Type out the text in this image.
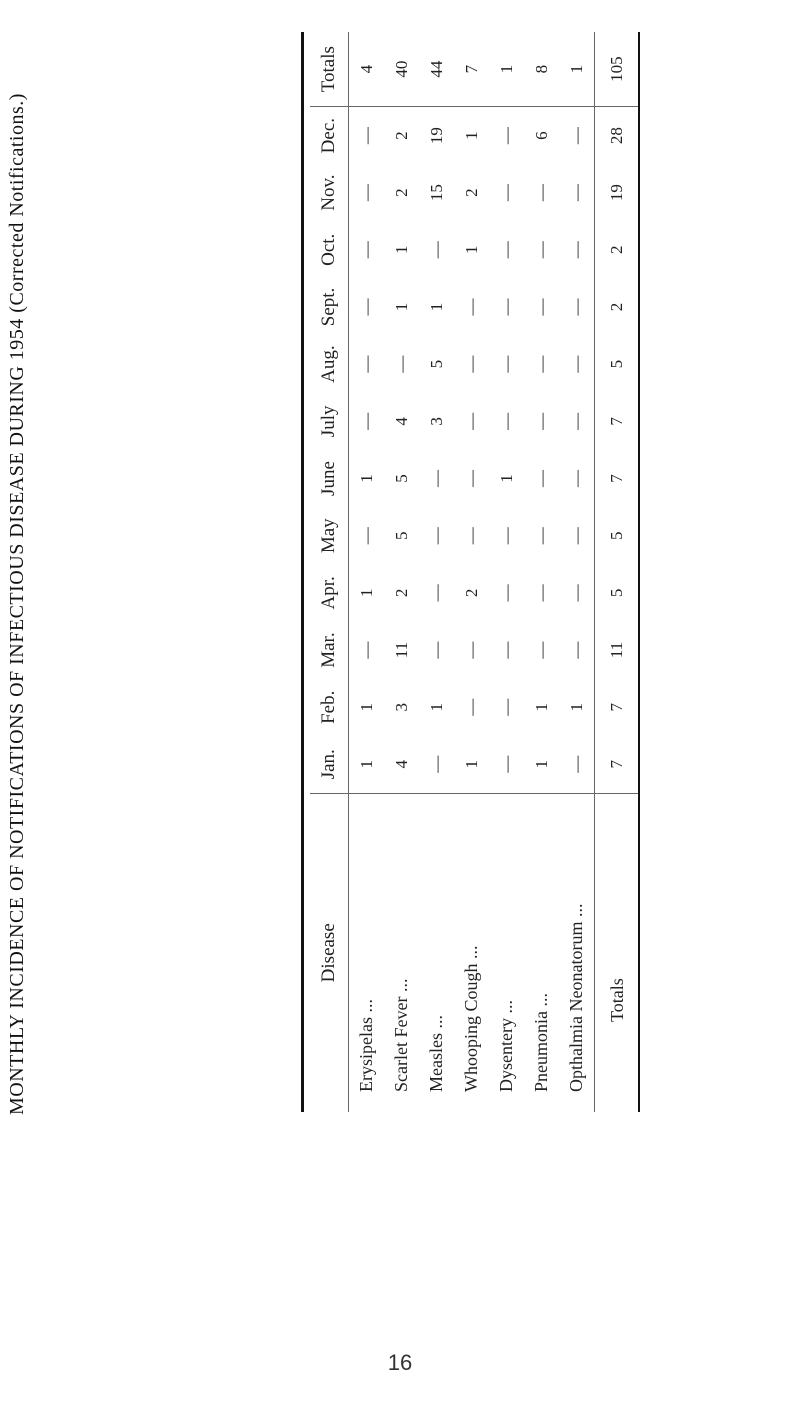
MONTHLY INCIDENCE OF NOTIFICATIONS OF INFECTIOUS DISEASE DURING 1954 (Corrected Notifications.)	Disease	Jan.	Feb.	Mar.	Apr.	May	June	July	Aug.	Sept.	Oct.	Nov.	Dec.	Totals
Erysipelas ...	1	1	—	1	—	1	—	—	—	—	—	—	4
Scarlet Fever ...	4	3	11	2	5	5	4	—	1	1	2	2	40
Measles ...	—	1	—	—	—	—	3	5	1	—	15	19	44
Whooping Cough ...	1	—	—	2	—	—	—	—	—	1	2	1	7
Dysentery ...	—	—	—	—	—	1	—	—	—	—	—	—	1
Pneumonia ...	1	1	—	—	—	—	—	—	—	—	—	6	8
Opthalmia Neonatorum ...	—	1	—	—	—	—	—	—	—	—	—	—	1
Totals	7	7	11	5	5	7	7	5	2	2	19	28	105
16
